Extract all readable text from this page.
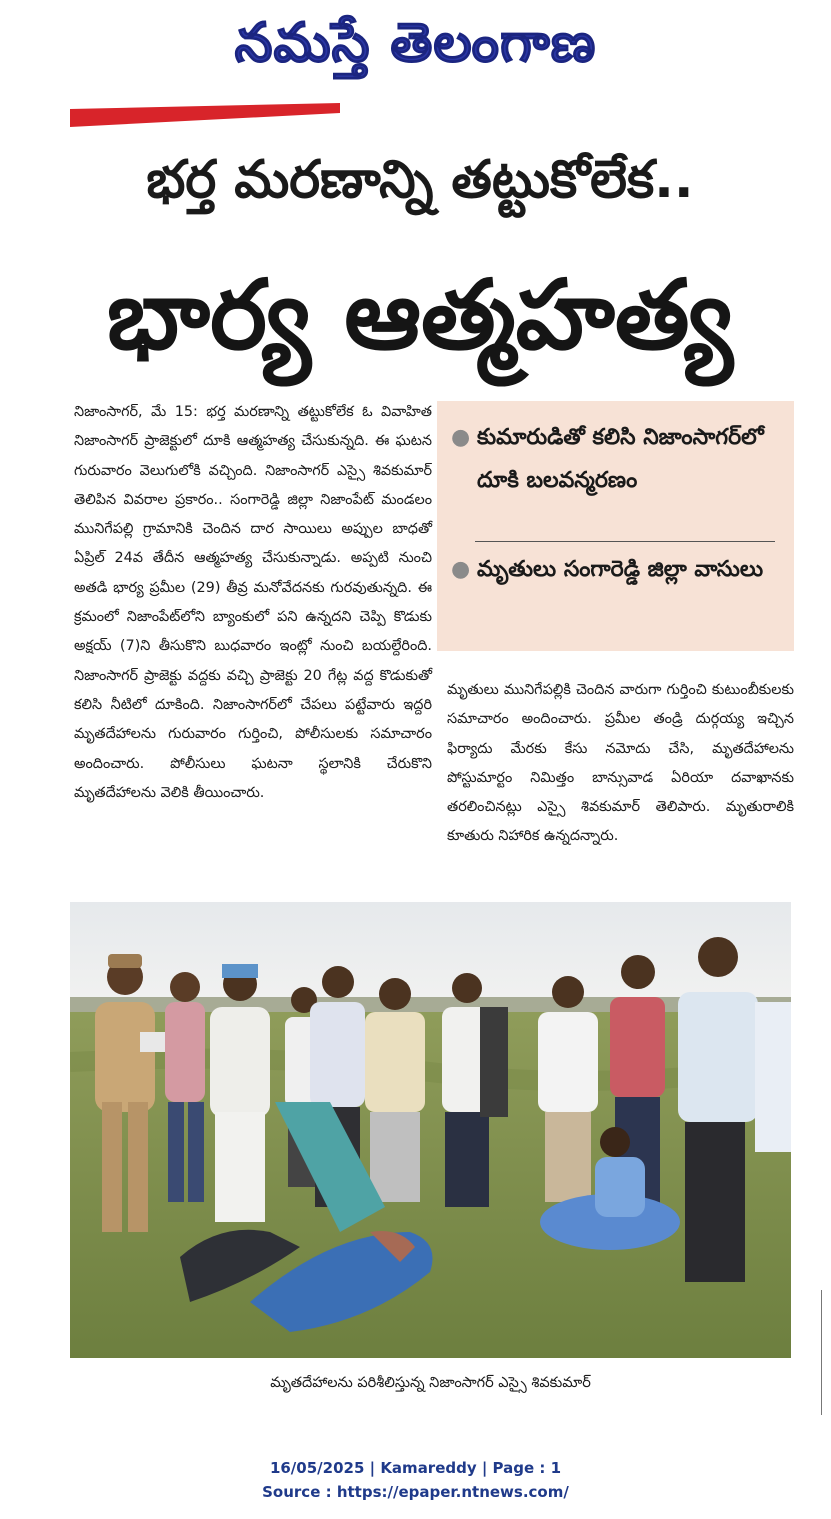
నమస్తే తెలంగాణ
భర్త మరణాన్ని తట్టుకోలేక..
భార్య ఆత్మహత్య
నిజాంసాగర్, మే 15: భర్త మరణాన్ని తట్టుకోలేక ఓ వివాహిత నిజాంసాగర్ ప్రాజెక్టులో దూకి ఆత్మహత్య చేసుకున్నది. ఈ ఘటన గురువారం వెలుగులోకి వచ్చింది. నిజాంసాగర్ ఎస్సై శివకుమార్ తెలిపిన వివరాల ప్రకారం.. సంగారెడ్డి జిల్లా నిజాంపేట్ మండలం మునిగేపల్లి గ్రామానికి చెందిన దార సాయిలు అప్పుల బాధతో ఏప్రిల్ 24వ తేదీన ఆత్మహత్య చేసుకున్నాడు. అప్పటి నుంచి అతడి భార్య ప్రమీల (29) తీవ్ర మనోవేదనకు గురవుతున్నది. ఈ క్రమంలో నిజాంపేట్‌లోని బ్యాంకులో పని ఉన్నదని చెప్పి కొడుకు అక్షయ్ (7)ని తీసుకొని బుధవారం ఇంట్లో నుంచి బయల్దేరింది. నిజాంసాగర్ ప్రాజెక్టు వద్దకు వచ్చి ప్రాజెక్టు 20 గేట్ల వద్ద కొడుకుతో కలిసి నీటిలో దూకింది. నిజాంసాగర్‌లో చేపలు పట్టేవారు ఇద్దరి మృతదేహాలను గురువారం గుర్తించి, పోలీసులకు సమాచారం అందించారు. పోలీసులు ఘటనా స్థలానికి చేరుకొని మృతదేహాలను వెలికి తీయించారు.
● కుమారుడితో కలిసి నిజాంసాగర్‌లో దూకి బలవన్మరణం
● మృతులు సంగారెడ్డి జిల్లా వాసులు
మృతులు మునిగేపల్లికి చెందిన వారుగా గుర్తించి కుటుంబీకులకు సమాచారం అందించారు. ప్రమీల తండ్రి దుర్గయ్య ఇచ్చిన ఫిర్యాదు మేరకు కేసు నమోదు చేసి, మృతదేహాలను పోస్టుమార్టం నిమిత్తం బాన్సువాడ ఏరియా దవాఖానకు తరలించినట్లు ఎస్సై శివకుమార్ తెలిపారు. మృతురాలికి కూతురు నిహారిక ఉన్నదన్నారు.
మృతదేహాలను పరిశీలిస్తున్న నిజాంసాగర్ ఎస్సై శివకుమార్
16/05/2025 | Kamareddy | Page : 1
Source : https://epaper.ntnews.com/
